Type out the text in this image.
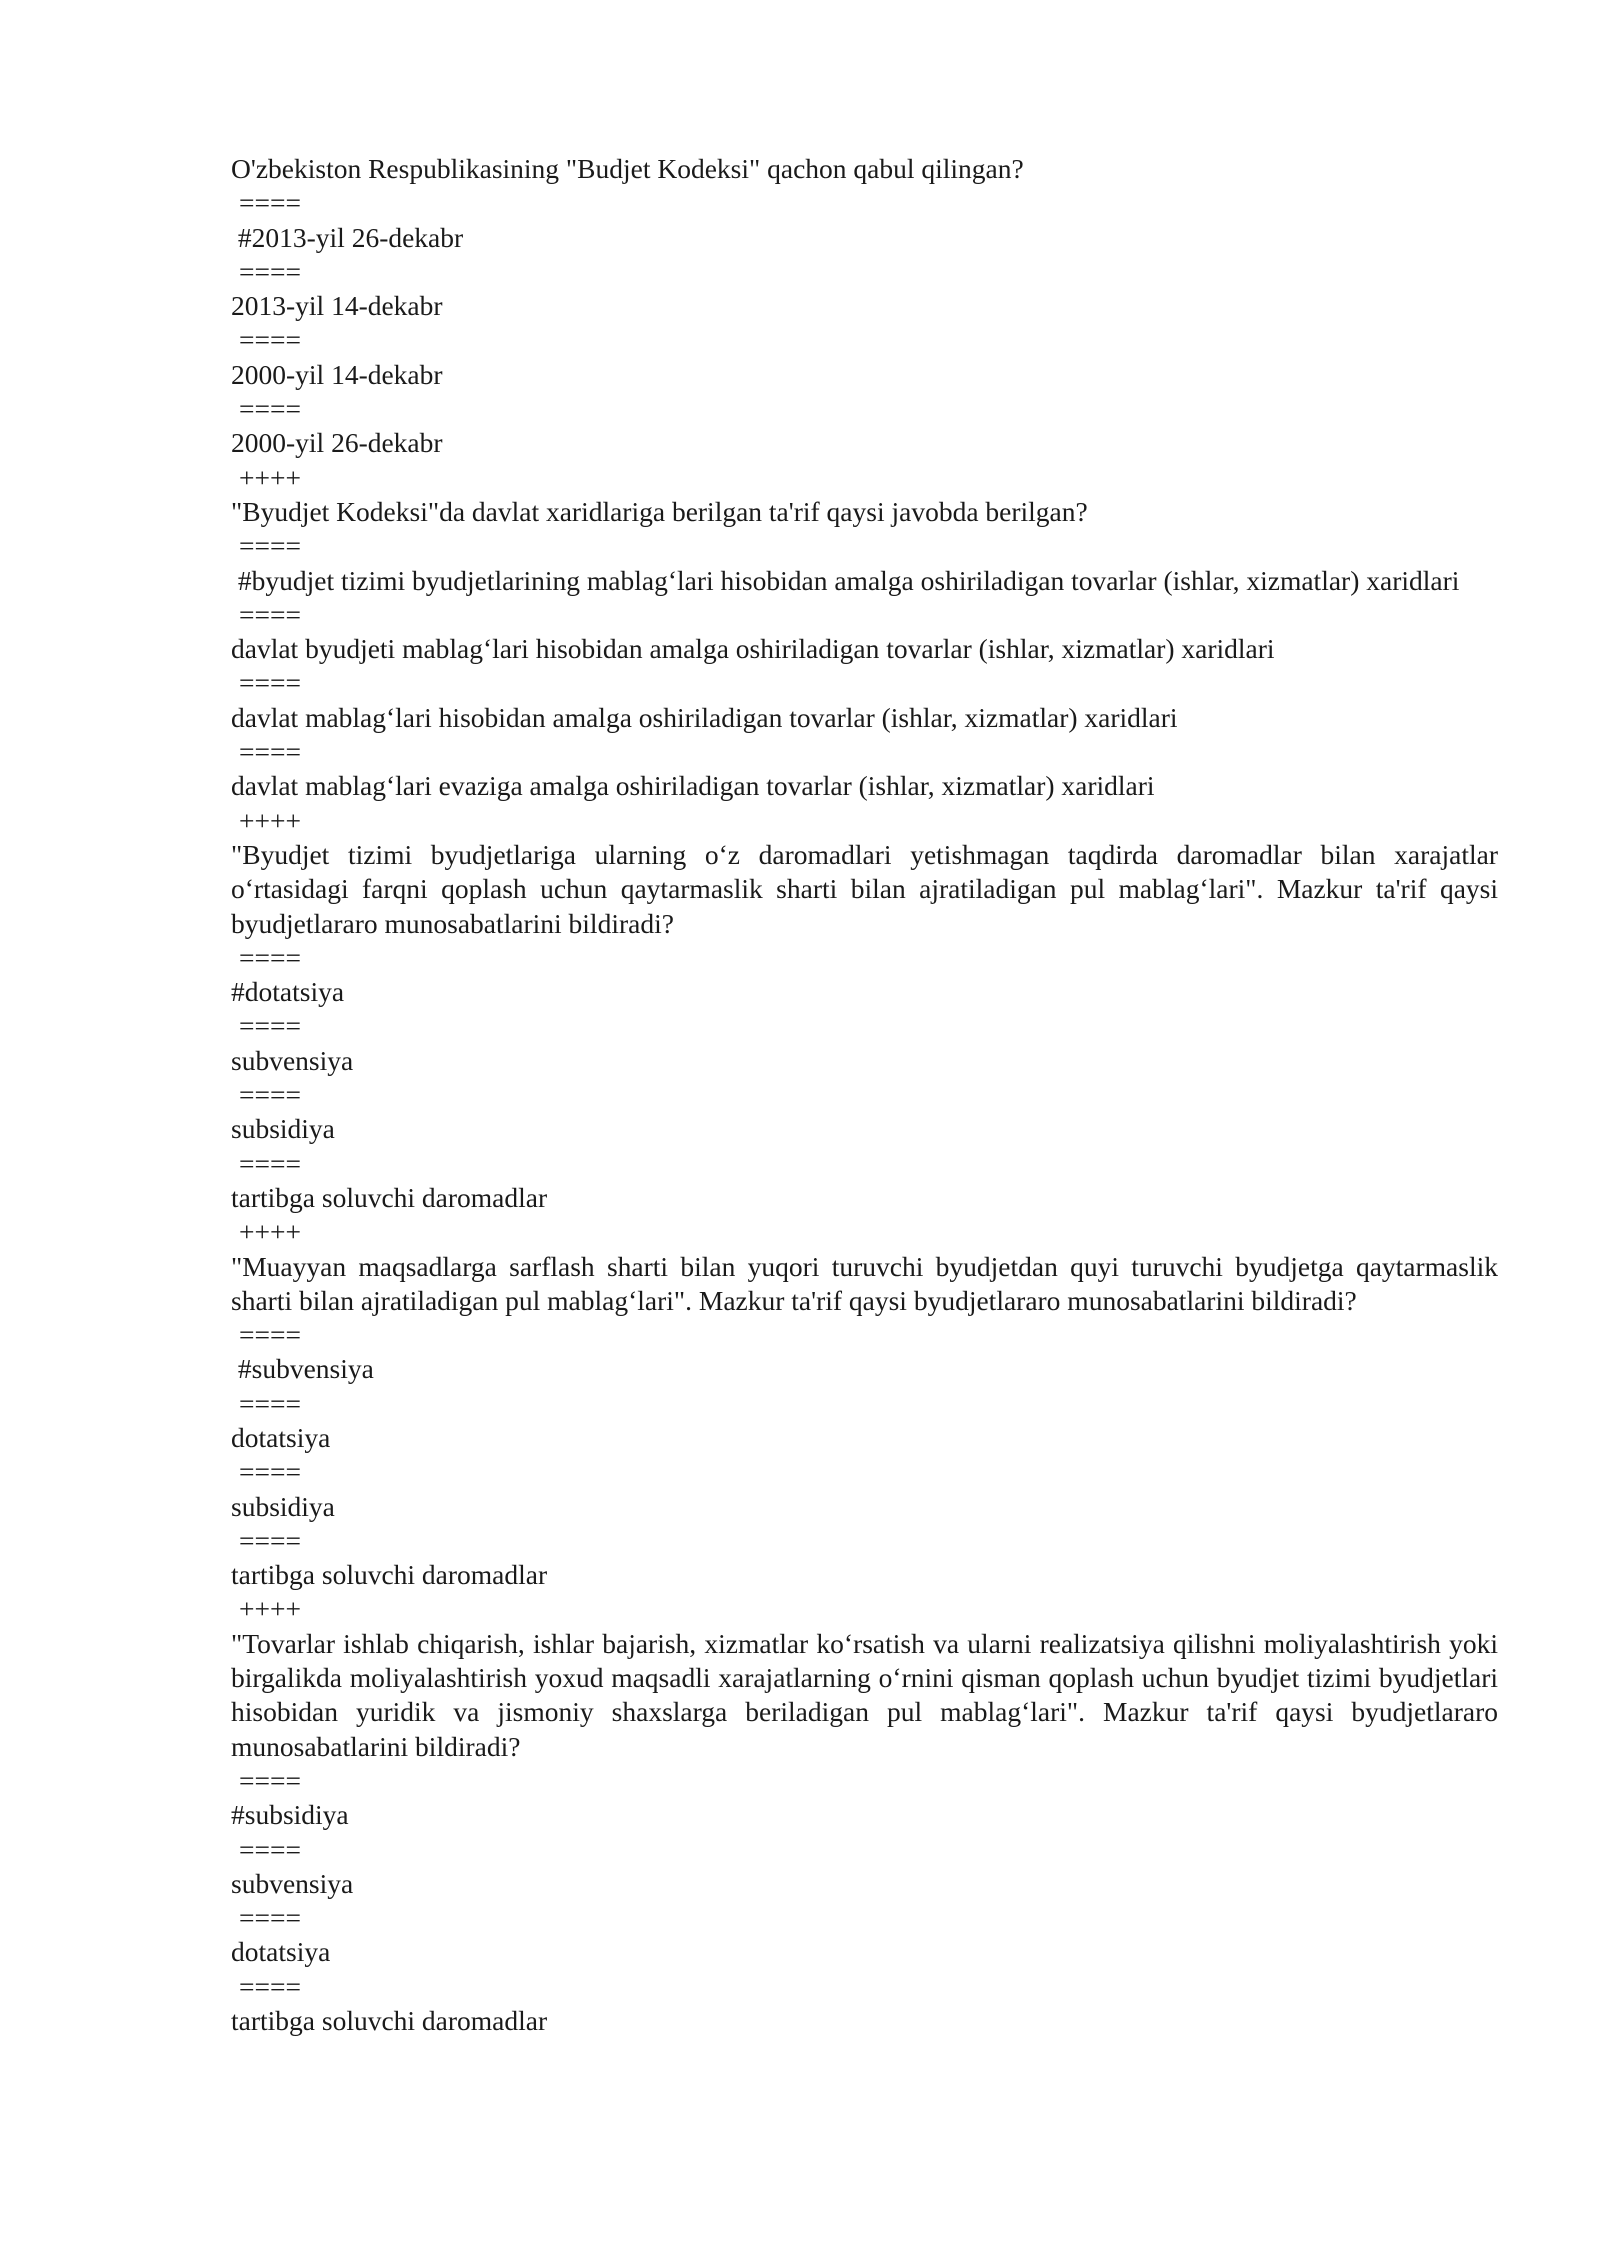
O'zbekiston Respublikasining "Budjet Kodeksi" qachon qabul qilingan?
====
#2013-yil 26-dekabr
====
2013-yil 14-dekabr
====
2000-yil 14-dekabr
====
2000-yil 26-dekabr
++++
"Byudjet Kodeksi"da davlat xaridlariga berilgan ta'rif qaysi javobda berilgan?
====
#byudjet tizimi byudjetlarining mablag‘lari hisobidan amalga oshiriladigan tovarlar (ishlar, xizmatlar) xaridlari
====
davlat byudjeti mablag‘lari hisobidan amalga oshiriladigan tovarlar (ishlar, xizmatlar) xaridlari
====
davlat mablag‘lari hisobidan amalga oshiriladigan tovarlar (ishlar, xizmatlar) xaridlari
====
davlat mablag‘lari evaziga amalga oshiriladigan tovarlar (ishlar, xizmatlar) xaridlari
++++
"Byudjet tizimi byudjetlariga ularning o‘z daromadlari yetishmagan taqdirda daromadlar bilan xarajatlar o‘rtasidagi farqni qoplash uchun qaytarmaslik sharti bilan ajratiladigan pul mablag‘lari". Mazkur ta'rif qaysi byudjetlararo munosabatlarini bildiradi?
====
#dotatsiya
====
subvensiya
====
subsidiya
====
tartibga soluvchi daromadlar
++++
"Muayyan maqsadlarga sarflash sharti bilan yuqori turuvchi byudjetdan quyi turuvchi byudjetga qaytarmaslik sharti bilan ajratiladigan pul mablag‘lari". Mazkur ta'rif qaysi byudjetlararo munosabatlarini bildiradi?
====
#subvensiya
====
dotatsiya
====
subsidiya
====
tartibga soluvchi daromadlar
++++
"Tovarlar ishlab chiqarish, ishlar bajarish, xizmatlar ko‘rsatish va ularni realizatsiya qilishni moliyalashtirish yoki birgalikda moliyalashtirish yoxud maqsadli xarajatlarning o‘rnini qisman qoplash uchun byudjet tizimi byudjetlari hisobidan yuridik va jismoniy shaxslarga beriladigan pul mablag‘lari". Mazkur ta'rif qaysi byudjetlararo munosabatlarini bildiradi?
====
#subsidiya
====
subvensiya
====
dotatsiya
====
tartibga soluvchi daromadlar
